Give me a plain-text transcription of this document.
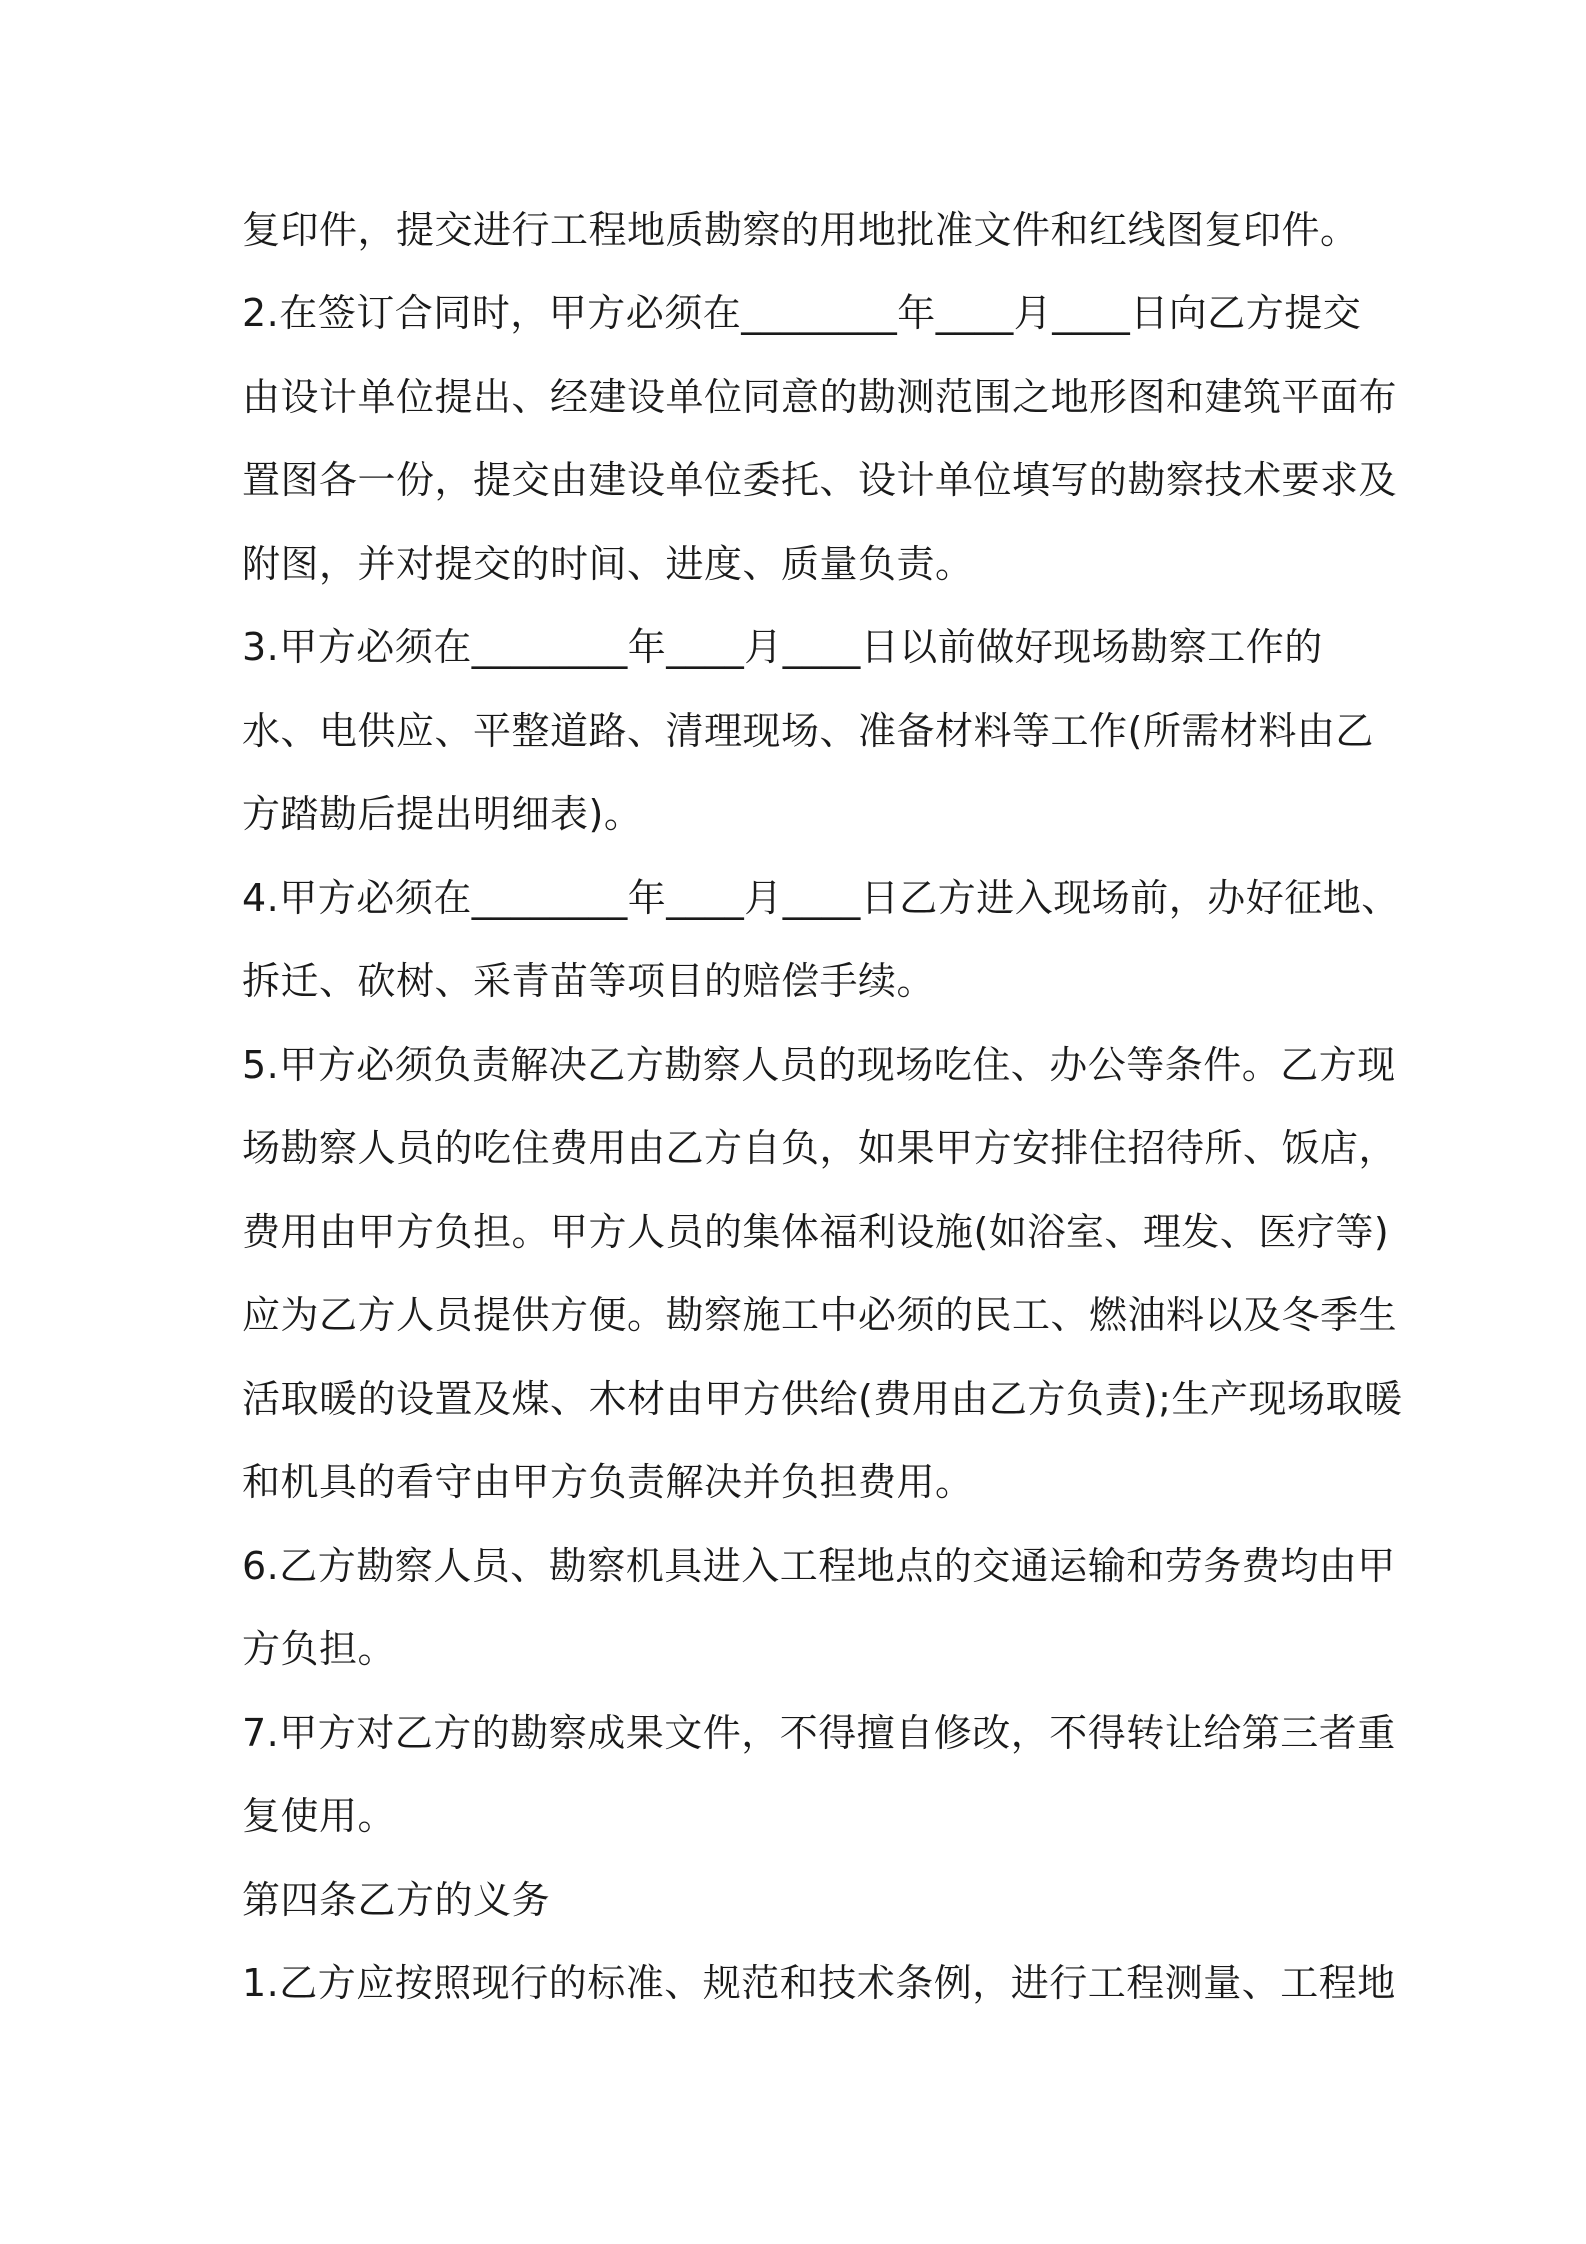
复印件，提交进行工程地质勘察的用地批准文件和红线图复印件。
2.在签订合同时，甲方必须在________年____月____日向乙方提交
由设计单位提出、经建设单位同意的勘测范围之地形图和建筑平面布
置图各一份，提交由建设单位委托、设计单位填写的勘察技术要求及
附图，并对提交的时间、进度、质量负责。
3.甲方必须在________年____月____日以前做好现场勘察工作的
水、电供应、平整道路、清理现场、准备材料等工作(所需材料由乙
方踏勘后提出明细表)。
4.甲方必须在________年____月____日乙方进入现场前，办好征地、
拆迁、砍树、采青苗等项目的赔偿手续。
5.甲方必须负责解决乙方勘察人员的现场吃住、办公等条件。乙方现
场勘察人员的吃住费用由乙方自负，如果甲方安排住招待所、饭店，
费用由甲方负担。甲方人员的集体福利设施(如浴室、理发、医疗等)
应为乙方人员提供方便。勘察施工中必须的民工、燃油料以及冬季生
活取暖的设置及煤、木材由甲方供给(费用由乙方负责);生产现场取暖
和机具的看守由甲方负责解决并负担费用。
6.乙方勘察人员、勘察机具进入工程地点的交通运输和劳务费均由甲
方负担。
7.甲方对乙方的勘察成果文件，不得擅自修改，不得转让给第三者重
复使用。
第四条乙方的义务
1.乙方应按照现行的标准、规范和技术条例，进行工程测量、工程地
